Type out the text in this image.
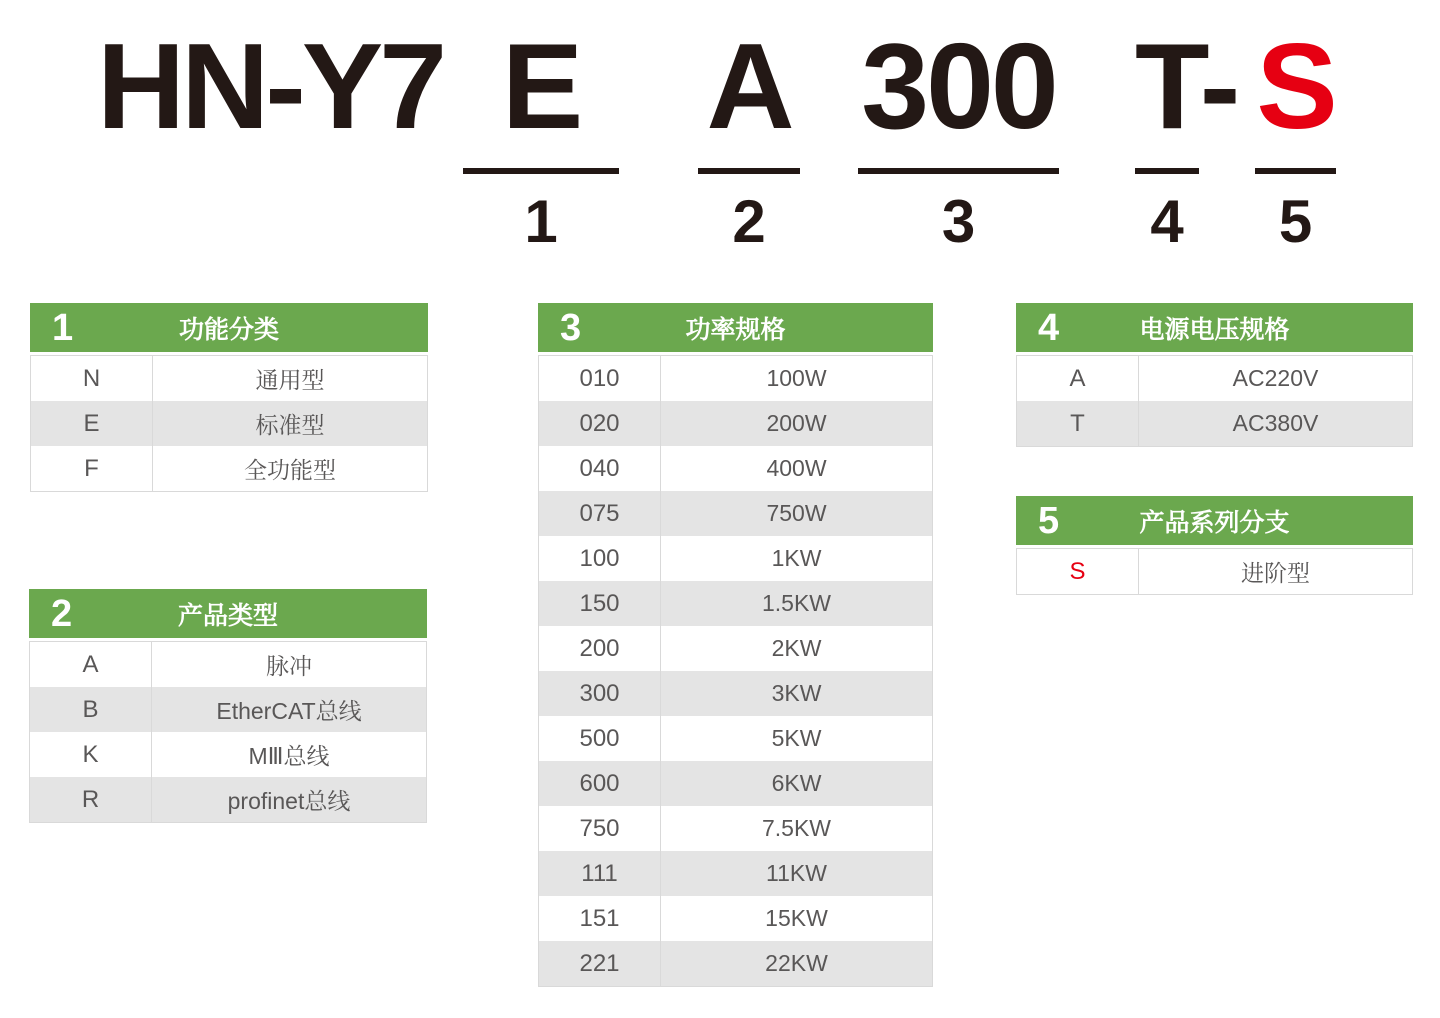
HN-Y7 E
1
A
2
300
3
T-
4
S
5
1	功能分类
N	通用型
E	标准型
F	全功能型
2	产品类型
A	脉冲
B	EtherCAT总线
K	MⅢ总线
R	profinet总线
3	功率规格
010	100W
020	200W
040	400W
075	750W
100	1KW
150	1.5KW
200	2KW
300	3KW
500	5KW
600	6KW
750	7.5KW
111	11KW
151	15KW
221	22KW
4	电源电压规格
A	AC220V
T	AC380V
5	产品系列分支
S	进阶型
